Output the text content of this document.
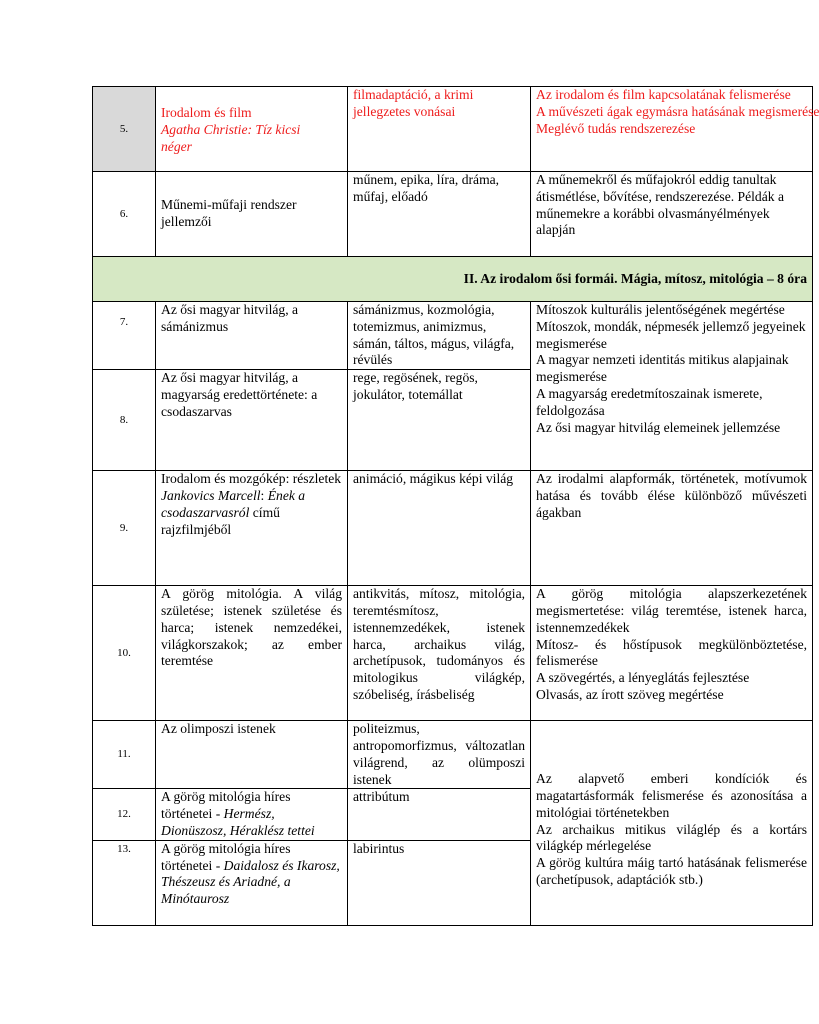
5.	Irodalom és film
Agatha Christie: Tíz kicsi
néger	filmadaptáció, a krimi jellegzetes vonásai	Az irodalom és film kapcsolatának felismerése
A művészeti ágak egymásra hatásának megismerése
Meglévő tudás rendszerezése

6.	Műnemi-műfaji rendszer jellemzői	műnem, epika, líra, dráma, műfaj, előadó	A műnemekről és műfajokról eddig tanultak átismétlése, bővítése, rendszerezése. Példák a műnemekre a korábbi olvasmányélmények alapján
II. Az irodalom ősi formái. Mágia, mítosz, mitológia – 8 óra			
7.	Az ősi magyar hitvilág, a sámánizmus	sámánizmus, kozmológia, totemizmus, animizmus, sámán, táltos, mágus, világfa, révülés	Mítoszok kulturális jelentőségének megértése
Mítoszok, mondák, népmesék jellemző jegyeinek megismerése
A magyar nemzeti identitás mitikus alapjainak megismerése
A magyarság eredetmítoszainak ismerete, feldolgozása
Az ősi magyar hitvilág elemeinek jellemzése

8.	Az ősi magyar hitvilág, a magyarság eredettörténete: a csodaszarvas	rege, regösének, regös, jokulátor, totemállat	
9.	Irodalom és mozgókép: részletek Jankovics Marcell: Ének a csodaszarvasról című rajzfilmjéből	animáció, mágikus képi világ	Az irodalmi alapformák, történetek, motívumok hatása és tovább élése különböző művészeti ágakban
10.	A görög mitológia. A világ születése; istenek születése és harca; istenek nemzedékei, világkorszakok; az ember teremtése	antikvitás, mítosz, mitológia, teremtésmítosz, istennemzedékek, istenek harca, archaikus világ, archetípusok, tudományos és mitologikus világkép, szóbeliség, írásbeliség	A görög mitológia alapszerkezetének megismertetése: világ teremtése, istenek harca, istennemzedékek
Mítosz- és hőstípusok megkülönböztetése, felismerése
A szövegértés, a lényeglátás fejlesztése
Olvasás, az írott szöveg megértése

11.	Az olimposzi istenek	politeizmus, antropomorfizmus, változatlan világrend, az olümposzi istenek	Az alapvető emberi kondíciók és magatartásformák felismerése és azonosítása a mitológiai történetekben
Az archaikus mitikus világlép és a kortárs világkép mérlegelése
A görög kultúra máig tartó hatásának felismerése (archetípusok, adaptációk stb.)

12.	A görög mitológia híres történetei - Hermész, Dionüszosz, Héraklész tettei	attribútum	
13.	A görög mitológia híres történetei - Daidalosz és Ikarosz, Thészeusz és Ariadné, a Minótaurosz	labirintus	
